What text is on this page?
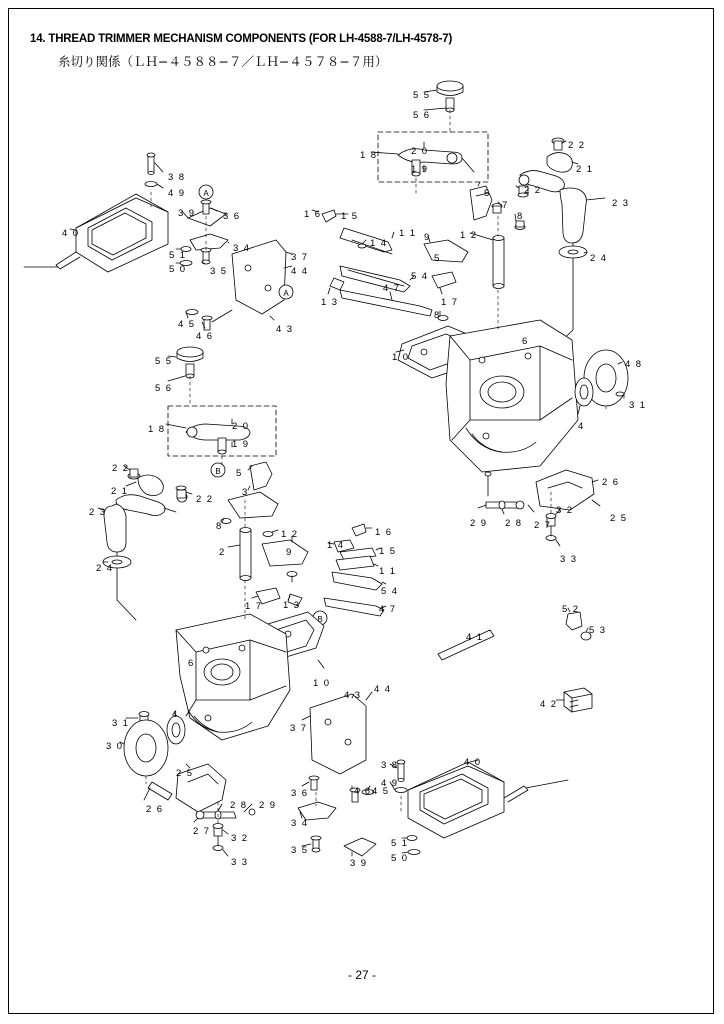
14. THREAD TRIMMER MECHANISM COMPONENTS (FOR LH-4588-7/LH-4578-7)
糸切り関係（ＬＨ−４５８８−７／ＬＨ−４５７８−７用）
A
A
B
B
5 5
5 6
2 2
2 1
1 8	2 0
1 9
2 3
2 2
5
7
8
3 8
4 9
3 9	3 6
4 0
1 6 1 5
1 1
1 4
9	1 2
2 4
3 4
3 7
4 4
3 5
5 1
5 0
5 4
5
1 7
1 3
4 7
8
6
4 5
4 6
4 3
1 0
4 8
3 1
4
5 5
5 6
1 8	2 0
1 9
2 2
2 1
2 3
2 2
5
3
8
1 2
2 6
2 5
2 9 2 8 2 7
3 2
3 3
2 4
2	9
1 6
1 4
1 5
1 1
5 4
1 7 1 3	4 7
4 1
5 2
5 3
4 2
6
1 0
4 3
4 4
3 1
4
3 0
3 7
2 5
2 6	2 8 2 9
2 7
3 2
3 3
3 6
3 4
3 5
4 6 4 5
3 8
4 9
4 0
5 1
5 0
3 9
- 27 -
